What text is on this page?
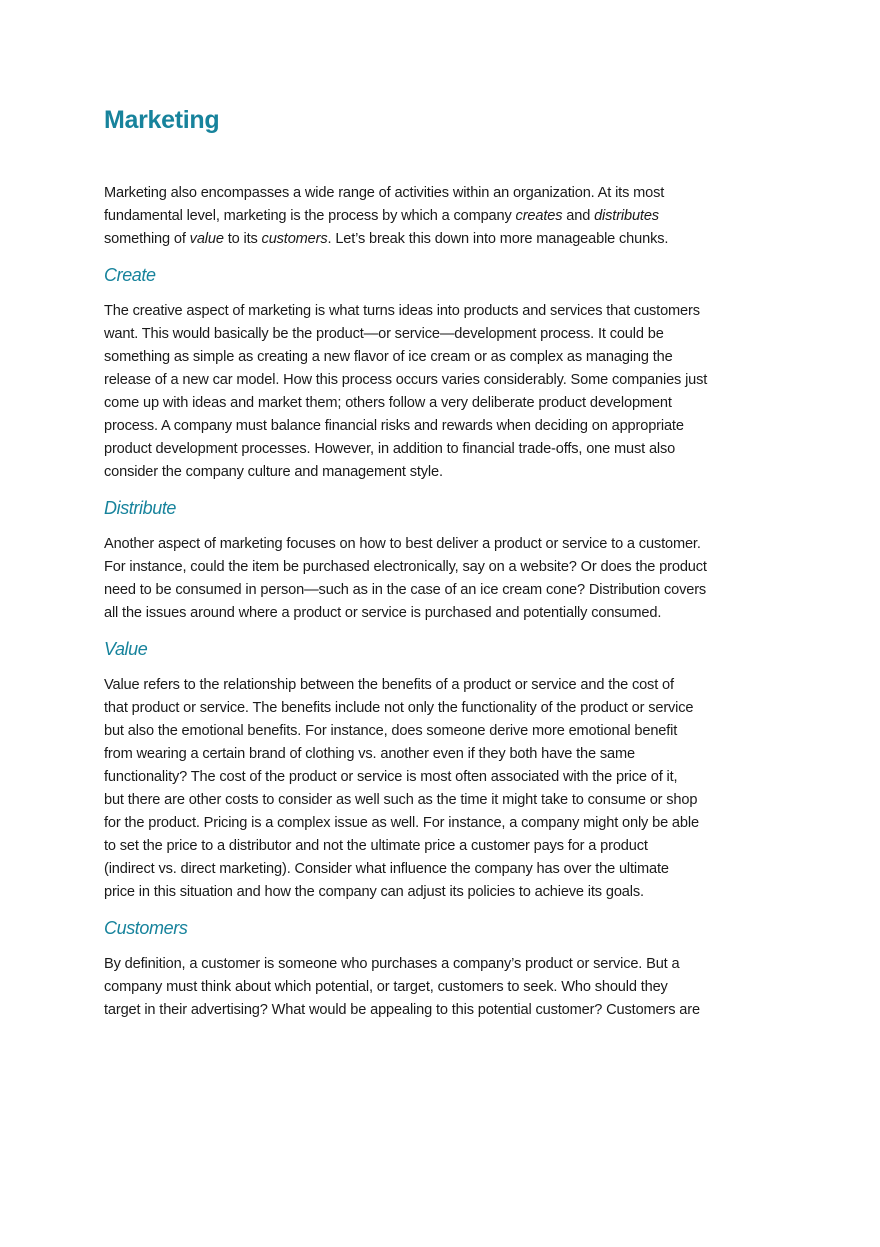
Marketing
Marketing also encompasses a wide range of activities within an organization. At its most
fundamental level, marketing is the process by which a company creates and distributes
something of value to its customers. Let’s break this down into more manageable chunks.
Create
The creative aspect of marketing is what turns ideas into products and services that customers
want. This would basically be the product—or service—development process. It could be
something as simple as creating a new flavor of ice cream or as complex as managing the
release of a new car model. How this process occurs varies considerably. Some companies just
come up with ideas and market them; others follow a very deliberate product development
process. A company must balance financial risks and rewards when deciding on appropriate
product development processes. However, in addition to financial trade-offs, one must also
consider the company culture and management style.
Distribute
Another aspect of marketing focuses on how to best deliver a product or service to a customer.
For instance, could the item be purchased electronically, say on a website? Or does the product
need to be consumed in person—such as in the case of an ice cream cone? Distribution covers
all the issues around where a product or service is purchased and potentially consumed.
Value
Value refers to the relationship between the benefits of a product or service and the cost of
that product or service. The benefits include not only the functionality of the product or service
but also the emotional benefits. For instance, does someone derive more emotional benefit
from wearing a certain brand of clothing vs. another even if they both have the same
functionality? The cost of the product or service is most often associated with the price of it,
but there are other costs to consider as well such as the time it might take to consume or shop
for the product. Pricing is a complex issue as well. For instance, a company might only be able
to set the price to a distributor and not the ultimate price a customer pays for a product
(indirect vs. direct marketing). Consider what influence the company has over the ultimate
price in this situation and how the company can adjust its policies to achieve its goals.
Customers
By definition, a customer is someone who purchases a company’s product or service. But a
company must think about which potential, or target, customers to seek. Who should they
target in their advertising? What would be appealing to this potential customer? Customers are
